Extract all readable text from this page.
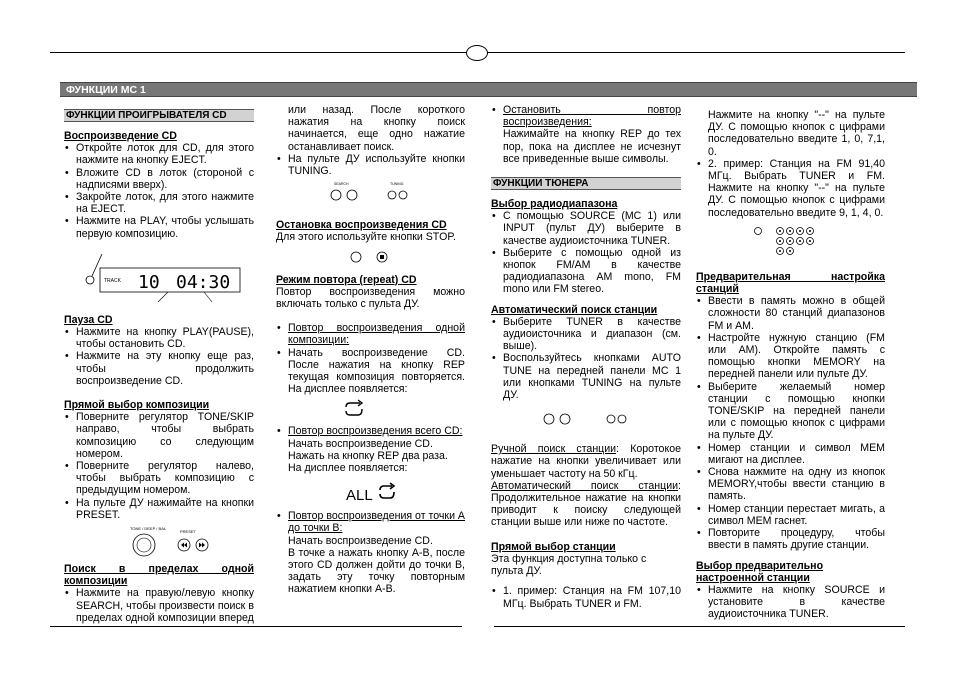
ФУНКЦИИ MC 1
ФУНКЦИИ ПРОИГРЫВАТЕЛЯ CD

Воспроизведение CD

• Откройте лоток для CD, для этого нажмите на кнопку EJECT.
• Вложите CD в лоток (стороной с надписями вверх).
• Закройте лоток, для этого нажмите на EJECT.
• Нажмите на PLAY, чтобы услышать первую композицию.
TRACK 10 04:30

Пауза CD

• Нажмите на кнопку PLAY(PAUSE), чтобы остановить CD.
• Нажмите на эту кнопку еще раз, чтобы продолжить воспроизведение CD.

Прямой выбор композиции

• Поверните регулятор TONE/SKIP направо, чтобы выбрать композицию со следующим номером.
• Поверните регулятор налево, чтобы выбрать композицию с предыдущим номером.
• На пульте ДУ нажимайте на кнопки PRESET.
TONE / DEEP / BAL
PRESET

Поиск в пределах одной композиции

• Нажмите на правую/левую кнопку SEARCH, чтобы произвести поиск в пределах одной композиции вперед

или назад. После короткого нажатия на кнопку поиск начинается, еще одно нажатие останавливает поиск.

• На пульте ДУ используйте кнопки TUNING.
SEARCH	TUNING

Остановка воспроизведения CD

Для этого используйте кнопки STOP.

Режим повтора (repeat) CD

Повтор воспроизведения можно включать только с пульта ДУ.

• Повтор воспроизведения одной композиции:
• Начать воспроизведение CD. После нажатия на кнопку REP текущая композиция повторяется. На дисплее появляется:
• Повтор воспроизведения всего CD:

Начать воспроизведение CD.

Нажать на кнопку REP два раза.

На дисплее появляется:

ALL
• Повтор воспроизведения от точки А до точки В:

Начать воспроизведение CD.

В точке а нажать кнопку A-B, после этого CD должен дойти до точки B, задать эту точку повторным нажатием кнопки A-B.

• Остановить повтор воспроизведения:

Нажимайте на кнопку REP до тех пор, пока на дисплее не исчезнут все приведенные выше символы.

ФУНКЦИИ ТЮНЕРА

Выбор радиодиапазона

• С помощью SOURCE (MC 1) или INPUT (пульт ДУ) выберите в качестве аудиоисточника TUNER.
• Выберите с помощью одной из кнопок FM/AM в качестве радиодиапазона AM mono, FM mono или FM stereo.

Автоматический поиск станции

• Выберите TUNER в качестве аудиоисточника и диапазон (см. выше).
• Воспользуйтесь кнопками AUTO TUNE на передней панели MC 1 или кнопками TUNING на пульте ДУ.

Ручной поиск станции: Коротокое нажатие на кнопки увеличивает или уменьшает частоту на 50 кГц.

Автоматический поиск станции: Продолжительное нажатие на кнопки приводит к поиску следующей станции выше или ниже по частоте.

Прямой выбор станции

Эта функция доступна только с пульта ДУ.

• 1. пример: Станция на FM 107,10 МГц. Выбрать TUNER и FM.

Нажмите на кнопку "--" на пульте ДУ. С помощью кнопок с цифрами последовательно введите 1, 0, 7,1, 0.

• 2. пример: Станция на FM 91,40 МГц. Выбрать TUNER и FM. Нажмите на кнопку "--" на пульте ДУ. С помощью кнопок с цифрами последовательно введите 9, 1, 4, 0.

Предварительная настройка станций

• Ввести в память можно в общей сложности 80 станций диапазонов FM и AM.
• Настройте нужную станцию (FM или AM). Откройте память с помощью кнопки MEMORY на передней панели или пульте ДУ.
• Выберите желаемый номер станции с помощью кнопки TONE/SKIP на передней панели или с помощью кнопок с цифрами на пульте ДУ.
• Номер станции и символ MEM мигают на дисплее.
• Снова нажмите на одну из кнопок MEMORY,чтобы ввести станцию в память.
• Номер станции перестает мигать, а символ MEM гаснет.
• Повторите процедуру, чтобы ввести в память другие станции.

Выбор предварительно настроенной станции

• Нажмите на кнопку SOURCE и установите в качестве аудиоисточника TUNER.
